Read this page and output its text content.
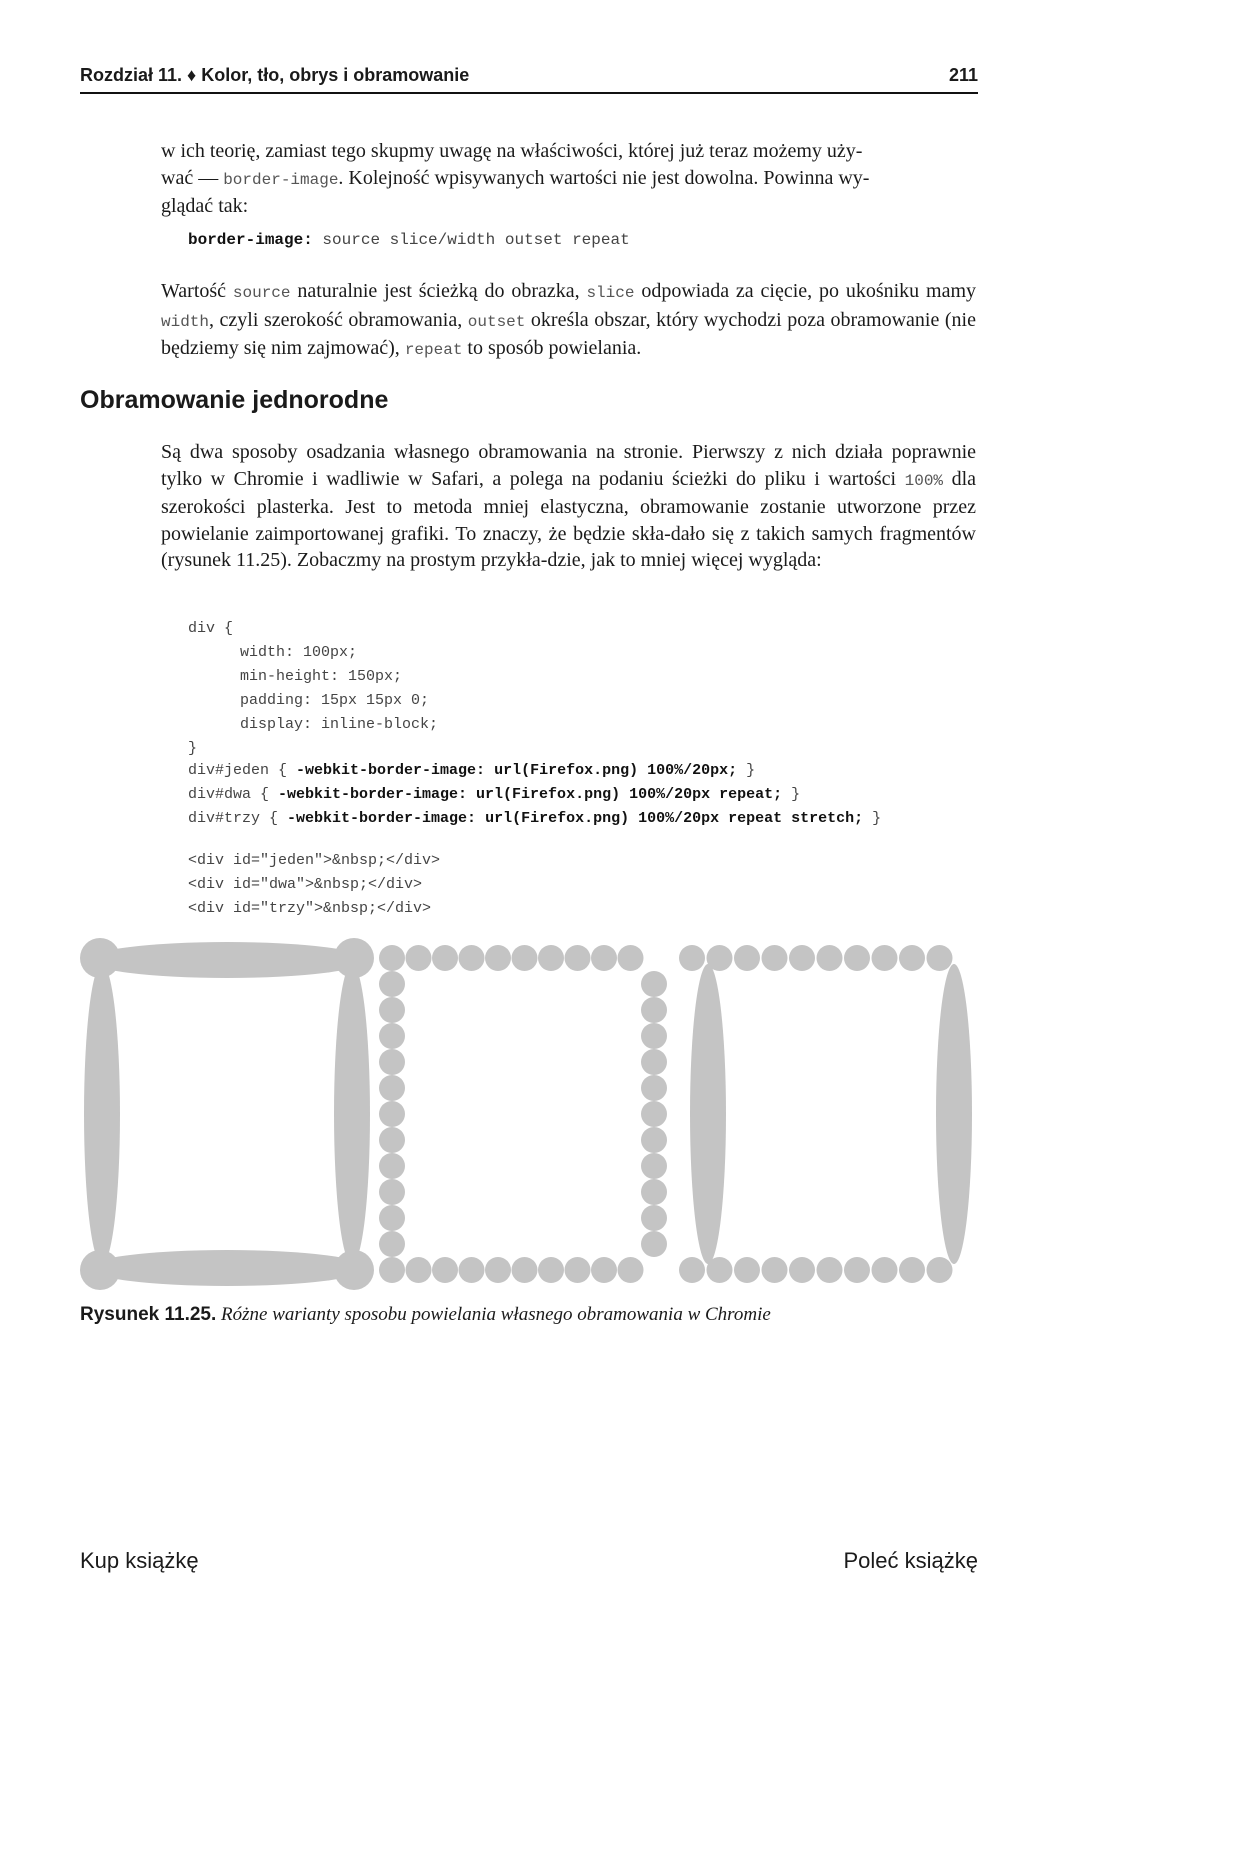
Rozdział 11. ♦ Kolor, tło, obrys i obramowanie	211
w ich teorię, zamiast tego skupmy uwagę na właściwości, której już teraz możemy uży-
wać — border-image. Kolejność wpisywanych wartości nie jest dowolna. Powinna wy-
glądać tak:
border-image: source slice/width outset repeat
Wartość source naturalnie jest ścieżką do obrazka, slice odpowiada za cięcie, po ukośniku mamy width, czyli szerokość obramowania, outset określa obszar, który wychodzi poza obramowanie (nie będziemy się nim zajmować), repeat to sposób powielania.
Obramowanie jednorodne
Są dwa sposoby osadzania własnego obramowania na stronie. Pierwszy z nich działa poprawnie tylko w Chromie i wadliwie w Safari, a polega na podaniu ścieżki do pliku i wartości 100% dla szerokości plasterka. Jest to metoda mniej elastyczna, obramowanie zostanie utworzone przez powielanie zaimportowanej grafiki. To znaczy, że będzie skła-dało się z takich samych fragmentów (rysunek 11.25). Zobaczmy na prostym przykła-dzie, jak to mniej więcej wygląda:
div {
width: 100px;
min-height: 150px;
padding: 15px 15px 0;
display: inline-block;
}
div#jeden { -webkit-border-image: url(Firefox.png) 100%/20px; }
div#dwa { -webkit-border-image: url(Firefox.png) 100%/20px repeat; }
div#trzy { -webkit-border-image: url(Firefox.png) 100%/20px repeat stretch; }
<div id="jeden">&nbsp;</div>
<div id="dwa">&nbsp;</div>
<div id="trzy">&nbsp;</div>
Rysunek 11.25. Różne warianty sposobu powielania własnego obramowania w Chromie
Kup książkę	Poleć książkę
